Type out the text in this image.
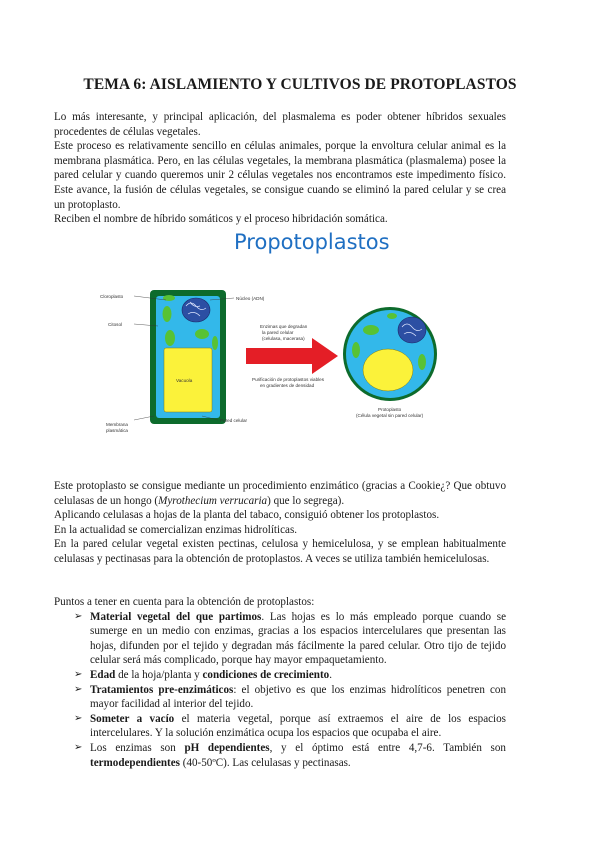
TEMA 6: AISLAMIENTO Y CULTIVOS DE PROTOPLASTOS

Lo más interesante, y principal aplicación, del plasmalema es poder obtener híbridos sexuales procedentes de células vegetales.

Este proceso es relativamente sencillo en células animales, porque la envoltura celular animal es la membrana plasmática. Pero, en las células vegetales, la membrana plasmática (plasmalema) posee la pared celular y cuando queremos unir 2 células vegetales nos encontramos este impedimento físico. Este avance, la fusión de células vegetales, se consigue cuando se eliminó la pared celular y se crea un protoplasto.

Reciben el nombre de híbrido somáticos y el proceso hibridación somática.

Propotoplastos
Cloroplasto
Citosol
Núcleo (ADN)
Vacuola
Membrana
plasmática
Pared celular
Enzimas que degradan
la pared celular
(celulasa, macerasa)
Purificación de protoplastos viables
en gradientes de densidad
Protoplasto
(Célula vegetal sin pared celular)

Este protoplasto se consigue mediante un procedimiento enzimático (gracias a Cookie¿? Que obtuvo celulasas de un hongo (Myrothecium verrucaria) que lo segrega).

Aplicando celulasas a hojas de la planta del tabaco, consiguió obtener los protoplastos.

En la actualidad se comercializan enzimas hidrolíticas.

En la pared celular vegetal existen pectinas, celulosa y hemicelulosa, y se emplean habitualmente celulasas y pectinasas para la obtención de protoplastos. A veces se utiliza también hemicelulosas.

Puntos a tener en cuenta para la obtención de protoplastos:

➢ Material vegetal del que partimos. Las hojas es lo más empleado porque cuando se sumerge en un medio con enzimas, gracias a los espacios intercelulares que presentan las hojas, difunden por el tejido y degradan más fácilmente la pared celular. Otro tijo de tejido celular será más complicado, porque hay mayor empaquetamiento.
➢ Edad de la hoja/planta y condiciones de crecimiento.
➢ Tratamientos pre-enzimáticos: el objetivo es que los enzimas hidrolíticos penetren con mayor facilidad al interior del tejido.
➢ Someter a vacío el materia vegetal, porque así extraemos el aire de los espacios intercelulares. Y la solución enzimática ocupa los espacios que ocupaba el aire.
➢ Los enzimas son pH dependientes, y el óptimo está entre 4,7-6. También son termodependientes (40-50ºC). Las celulasas y pectinasas.
